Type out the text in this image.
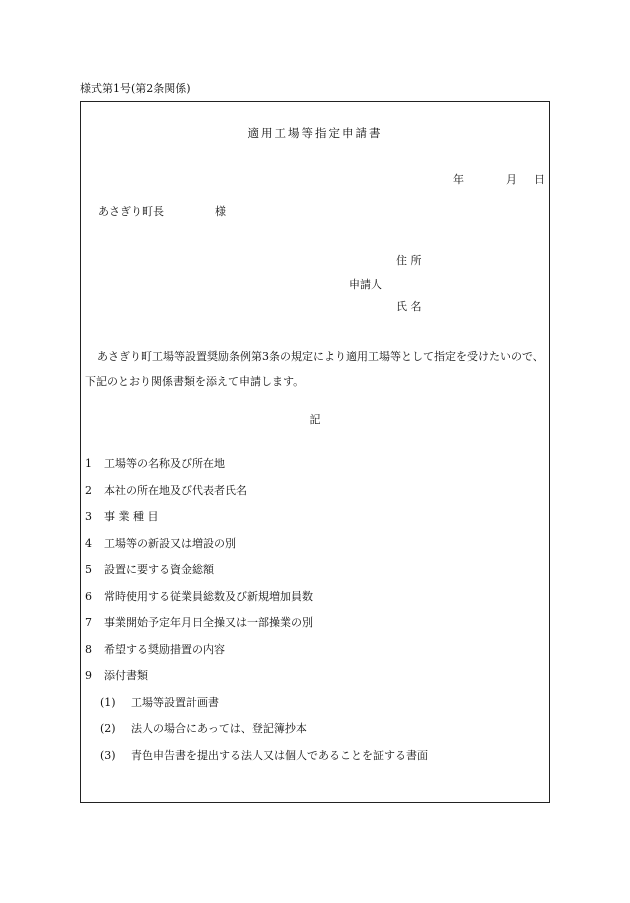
様式第1号(第2条関係)
適用工場等指定申請書
年	月 日
あさぎり町長	様
住 所
申請人
氏 名
あさぎり町工場等設置奨励条例第3条の規定により適用工場等として指定を受けたいので、下記のとおり関係書類を添えて申請します。
記
1	工場等の名称及び所在地
2	本社の所在地及び代表者氏名
3	事 業 種 目
4	工場等の新設又は増設の別
5	設置に要する資金総額
6	常時使用する従業員総数及び新規増加員数
7	事業開始予定年月日全操又は一部操業の別
8	希望する奨励措置の内容
9	添付書類
(1)	工場等設置計画書
(2)	法人の場合にあっては、登記簿抄本
(3)	青色申告書を提出する法人又は個人であることを証する書面
